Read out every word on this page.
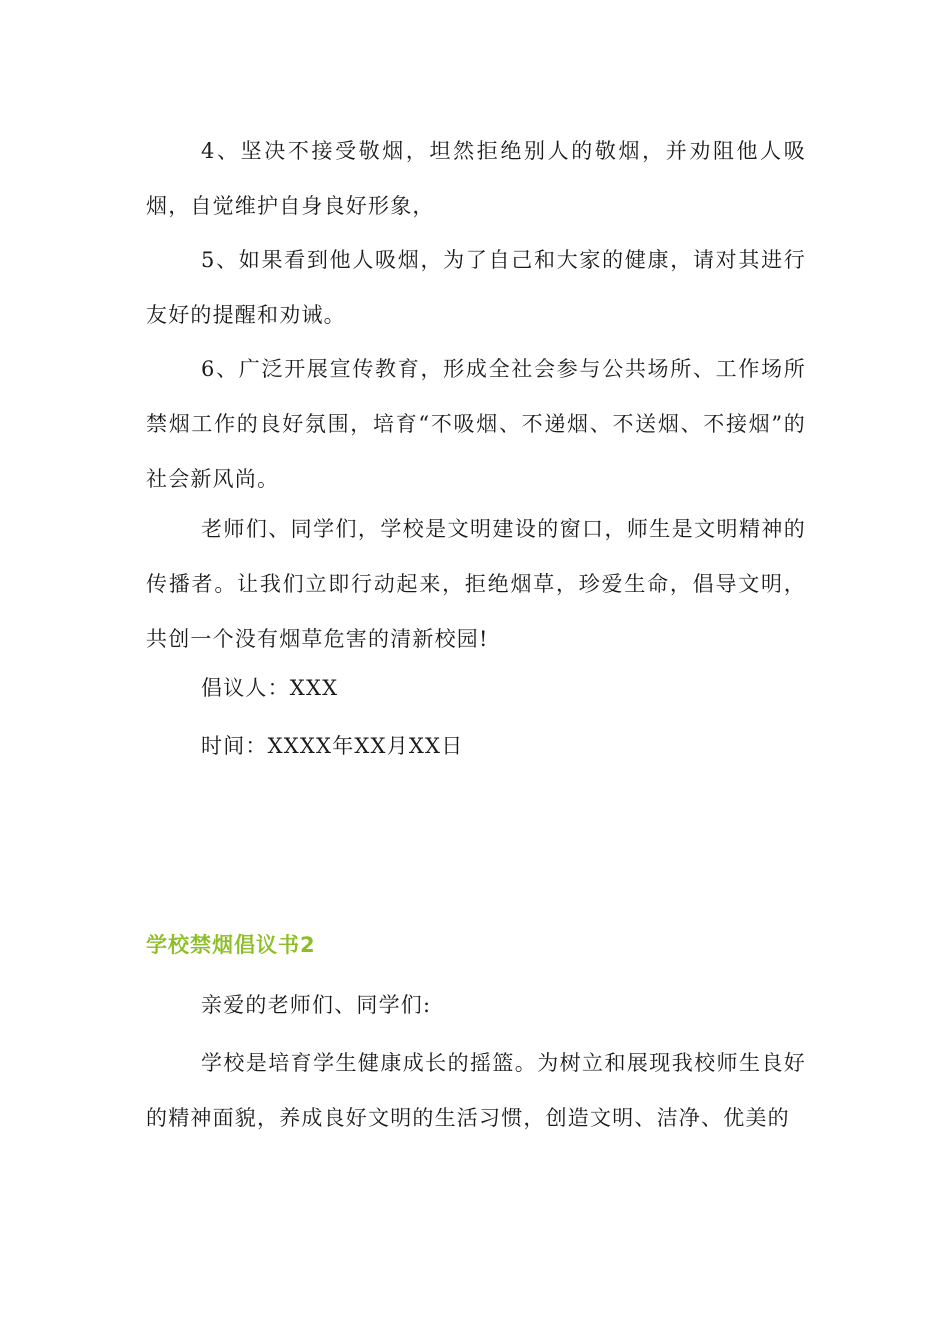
4、坚决不接受敬烟，坦然拒绝别人的敬烟，并劝阻他人吸烟，自觉维护自身良好形象，

5、如果看到他人吸烟，为了自己和大家的健康，请对其进行友好的提醒和劝诫。

6、广泛开展宣传教育，形成全社会参与公共场所、工作场所禁烟工作的良好氛围，培育“不吸烟、不递烟、不送烟、不接烟”的社会新风尚。

老师们、同学们，学校是文明建设的窗口，师生是文明精神的传播者。让我们立即行动起来，拒绝烟草，珍爱生命，倡导文明，共创一个没有烟草危害的清新校园!

倡议人：XXX

时间：XXXX年XX月XX日

学校禁烟倡议书2

亲爱的老师们、同学们:

学校是培育学生健康成长的摇篮。为树立和展现我校师生良好的精神面貌，养成良好文明的生活习惯，创造文明、洁净、优美的
